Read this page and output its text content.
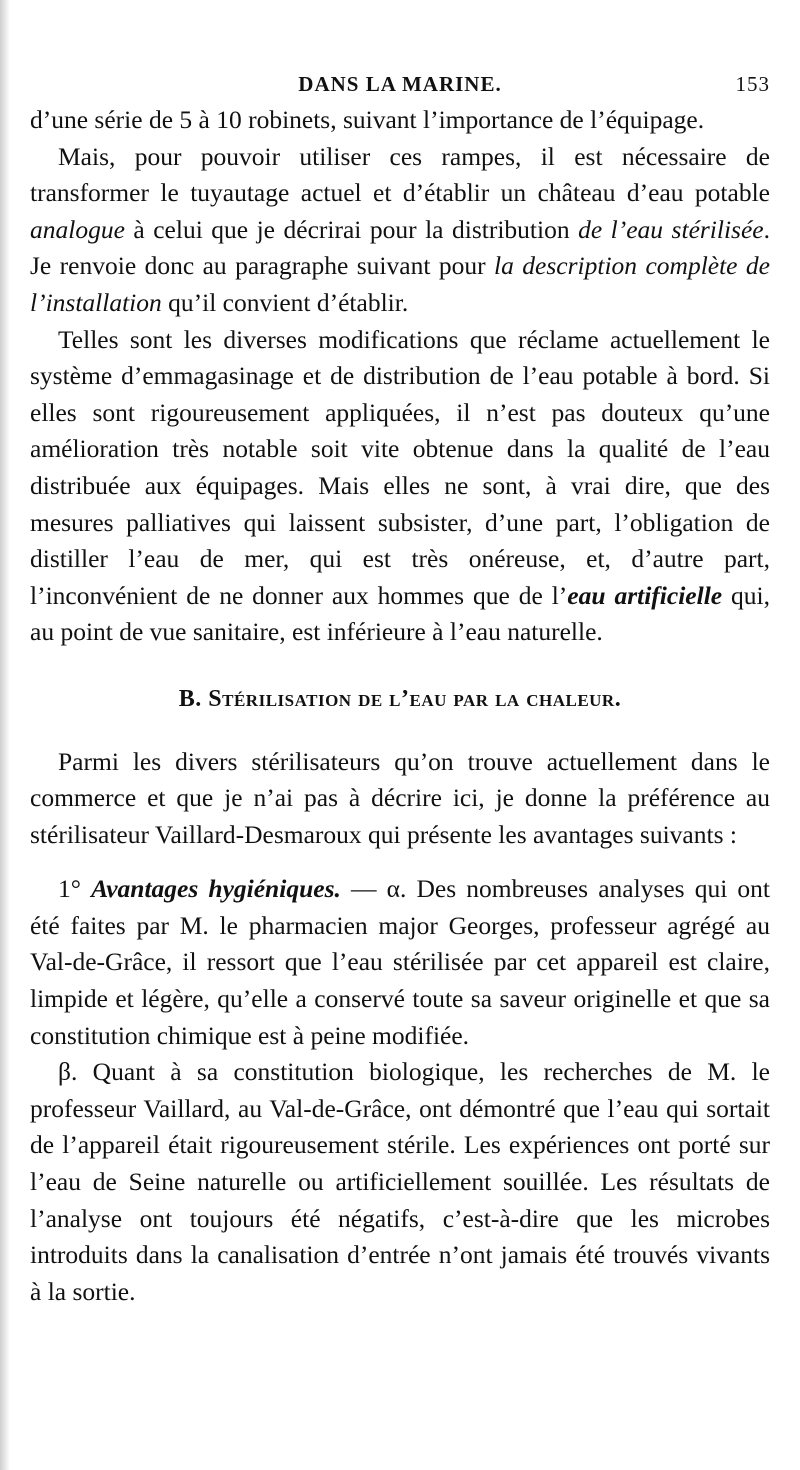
DANS LA MARINE.	153

d’une série de 5 à 10 robinets, suivant l’importance de l’équipage.

Mais, pour pouvoir utiliser ces rampes, il est nécessaire de transformer le tuyautage actuel et d’établir un château d’eau potable analogue à celui que je décrirai pour la distribution de l’eau stérilisée. Je renvoie donc au paragraphe suivant pour la description complète de l’installation qu’il convient d’établir.

Telles sont les diverses modifications que réclame actuellement le système d’emmagasinage et de distribution de l’eau potable à bord. Si elles sont rigoureusement appliquées, il n’est pas douteux qu’une amélioration très notable soit vite obtenue dans la qualité de l’eau distribuée aux équipages. Mais elles ne sont, à vrai dire, que des mesures palliatives qui laissent subsister, d’une part, l’obligation de distiller l’eau de mer, qui est très onéreuse, et, d’autre part, l’inconvénient de ne donner aux hommes que de l’eau artificielle qui, au point de vue sanitaire, est inférieure à l’eau naturelle.

B. Stérilisation de l’eau par la chaleur.

Parmi les divers stérilisateurs qu’on trouve actuellement dans le commerce et que je n’ai pas à décrire ici, je donne la préférence au stérilisateur Vaillard-Desmaroux qui présente les avantages suivants :

1° Avantages hygiéniques. — α. Des nombreuses analyses qui ont été faites par M. le pharmacien major Georges, professeur agrégé au Val-de-Grâce, il ressort que l’eau stérilisée par cet appareil est claire, limpide et légère, qu’elle a conservé toute sa saveur originelle et que sa constitution chimique est à peine modifiée.

β. Quant à sa constitution biologique, les recherches de M. le professeur Vaillard, au Val-de-Grâce, ont démontré que l’eau qui sortait de l’appareil était rigoureusement stérile. Les expériences ont porté sur l’eau de Seine naturelle ou artificiellement souillée. Les résultats de l’analyse ont toujours été négatifs, c’est-à-dire que les microbes introduits dans la canalisation d’entrée n’ont jamais été trouvés vivants à la sortie.
